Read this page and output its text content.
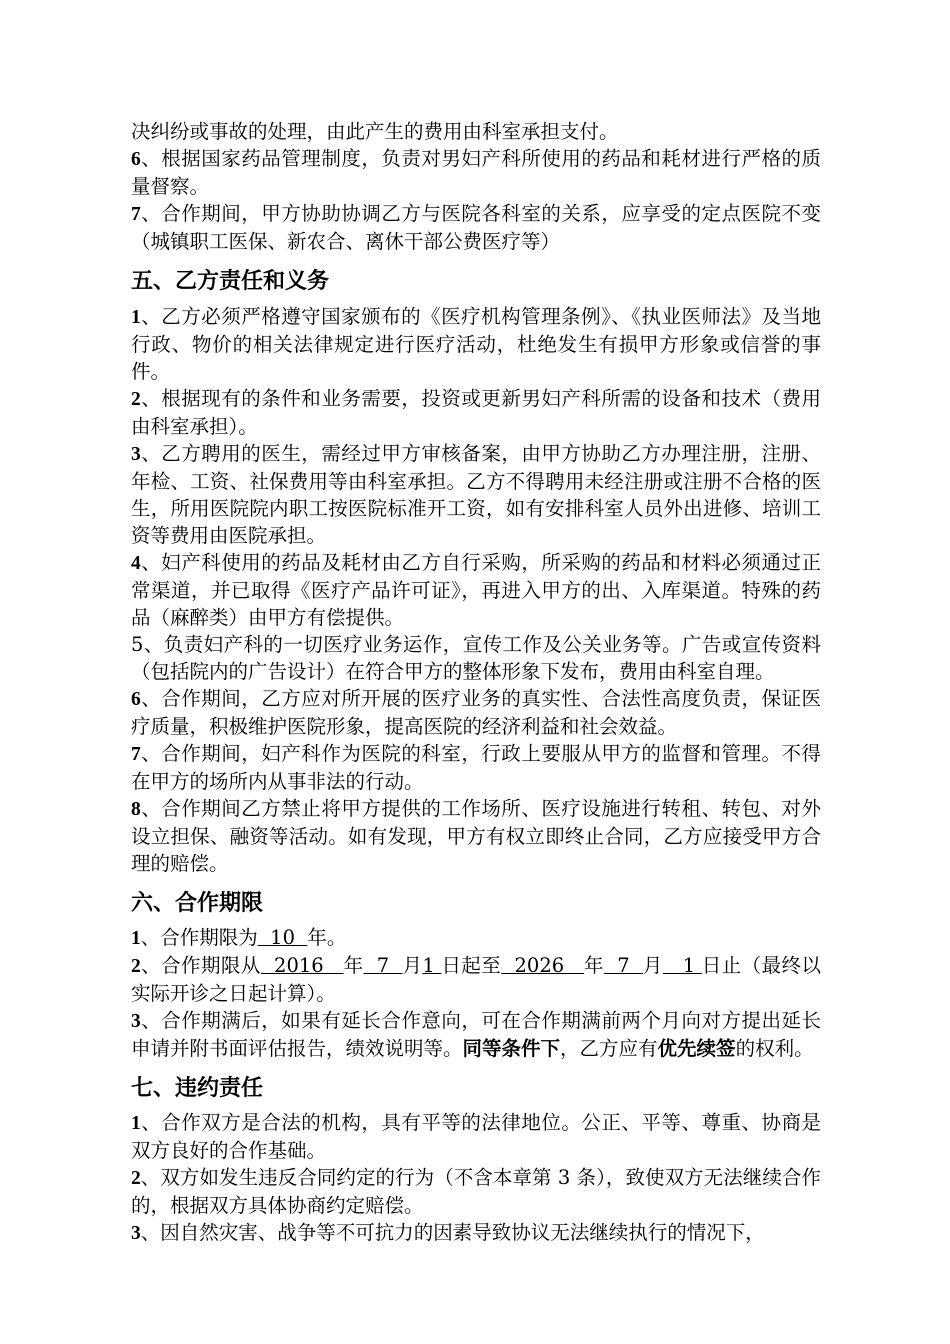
决纠纷或事故的处理，由此产生的费用由科室承担支付。

6、根据国家药品管理制度，负责对男妇产科所使用的药品和耗材进行严格的质量督察。

7、合作期间，甲方协助协调乙方与医院各科室的关系，应享受的定点医院不变（城镇职工医保、新农合、离休干部公费医疗等）

五、乙方责任和义务

1、乙方必须严格遵守国家颁布的《医疗机构管理条例》、《执业医师法》及当地行政、物价的相关法律规定进行医疗活动，杜绝发生有损甲方形象或信誉的事件。

2、根据现有的条件和业务需要，投资或更新男妇产科所需的设备和技术（费用由科室承担）。

3、乙方聘用的医生，需经过甲方审核备案，由甲方协助乙方办理注册，注册、年检、工资、社保费用等由科室承担。乙方不得聘用未经注册或注册不合格的医生，所用医院院内职工按医院标准开工资，如有安排科室人员外出进修、培训工资等费用由医院承担。

4、妇产科使用的药品及耗材由乙方自行采购，所采购的药品和材料必须通过正常渠道，并已取得《医疗产品许可证》，再进入甲方的出、入库渠道。特殊的药品（麻醉类）由甲方有偿提供。

5、负责妇产科的一切医疗业务运作，宣传工作及公关业务等。广告或宣传资料（包括院内的广告设计）在符合甲方的整体形象下发布，费用由科室自理。

6、合作期间，乙方应对所开展的医疗业务的真实性、合法性高度负责，保证医疗质量，积极维护医院形象，提高医院的经济利益和社会效益。

7、合作期间，妇产科作为医院的科室，行政上要服从甲方的监督和管理。不得在甲方的场所内从事非法的行动。

8、合作期间乙方禁止将甲方提供的工作场所、医疗设施进行转租、转包、对外设立担保、融资等活动。如有发现，甲方有权立即终止合同，乙方应接受甲方合理的赔偿。

六、合作期限

1、合作期限为  10  年。

2、合作期限从  2016   年  7  月1 日起至  2026   年  7  月   1 日止（最终以实际开诊之日起计算）。

3、合作期满后，如果有延长合作意向，可在合作期满前两个月向对方提出延长申请并附书面评估报告，绩效说明等。同等条件下，乙方应有优先续签的权利。

七、违约责任

1、合作双方是合法的机构，具有平等的法律地位。公正、平等、尊重、协商是双方良好的合作基础。

2、双方如发生违反合同约定的行为（不含本章第 3 条），致使双方无法继续合作的，根据双方具体协商约定赔偿。

3、因自然灾害、战争等不可抗力的因素导致协议无法继续执行的情况下，
